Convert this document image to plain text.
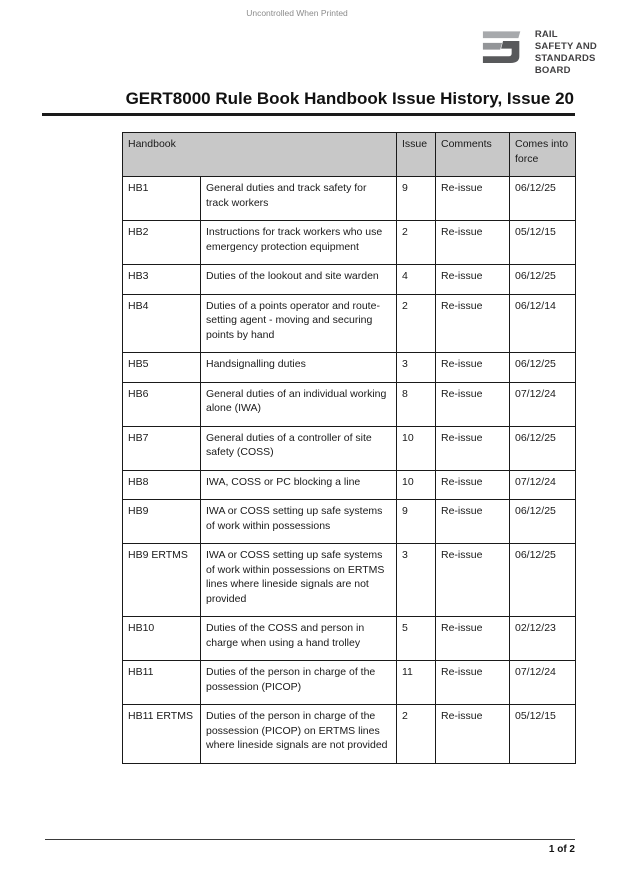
Uncontrolled When Printed
RAIL
SAFETY AND
STANDARDS
BOARD
GERT8000 Rule Book Handbook Issue History, Issue 20
Handbook		Issue	Comments	Comes into force
HB1	General duties and track safety for track workers	9	Re-issue	06/12/25
HB2	Instructions for track workers who use emergency protection equipment	2	Re-issue	05/12/15
HB3	Duties of the lookout and site warden	4	Re-issue	06/12/25
HB4	Duties of a points operator and route-setting agent - moving and securing points by hand	2	Re-issue	06/12/14
HB5	Handsignalling duties	3	Re-issue	06/12/25
HB6	General duties of an individual working alone (IWA)	8	Re-issue	07/12/24
HB7	General duties of a controller of site safety (COSS)	10	Re-issue	06/12/25
HB8	IWA, COSS or PC blocking a line	10	Re-issue	07/12/24
HB9	IWA or COSS setting up safe systems of work within possessions	9	Re-issue	06/12/25
HB9 ERTMS	IWA or COSS setting up safe systems of work within possessions on ERTMS lines where lineside signals are not provided	3	Re-issue	06/12/25
HB10	Duties of the COSS and person in charge when using a hand trolley	5	Re-issue	02/12/23
HB11	Duties of the person in charge of the possession (PICOP)	11	Re-issue	07/12/24
HB11 ERTMS	Duties of the person in charge of the possession (PICOP) on ERTMS lines where lineside signals are not provided	2	Re-issue	05/12/15
1 of 2
